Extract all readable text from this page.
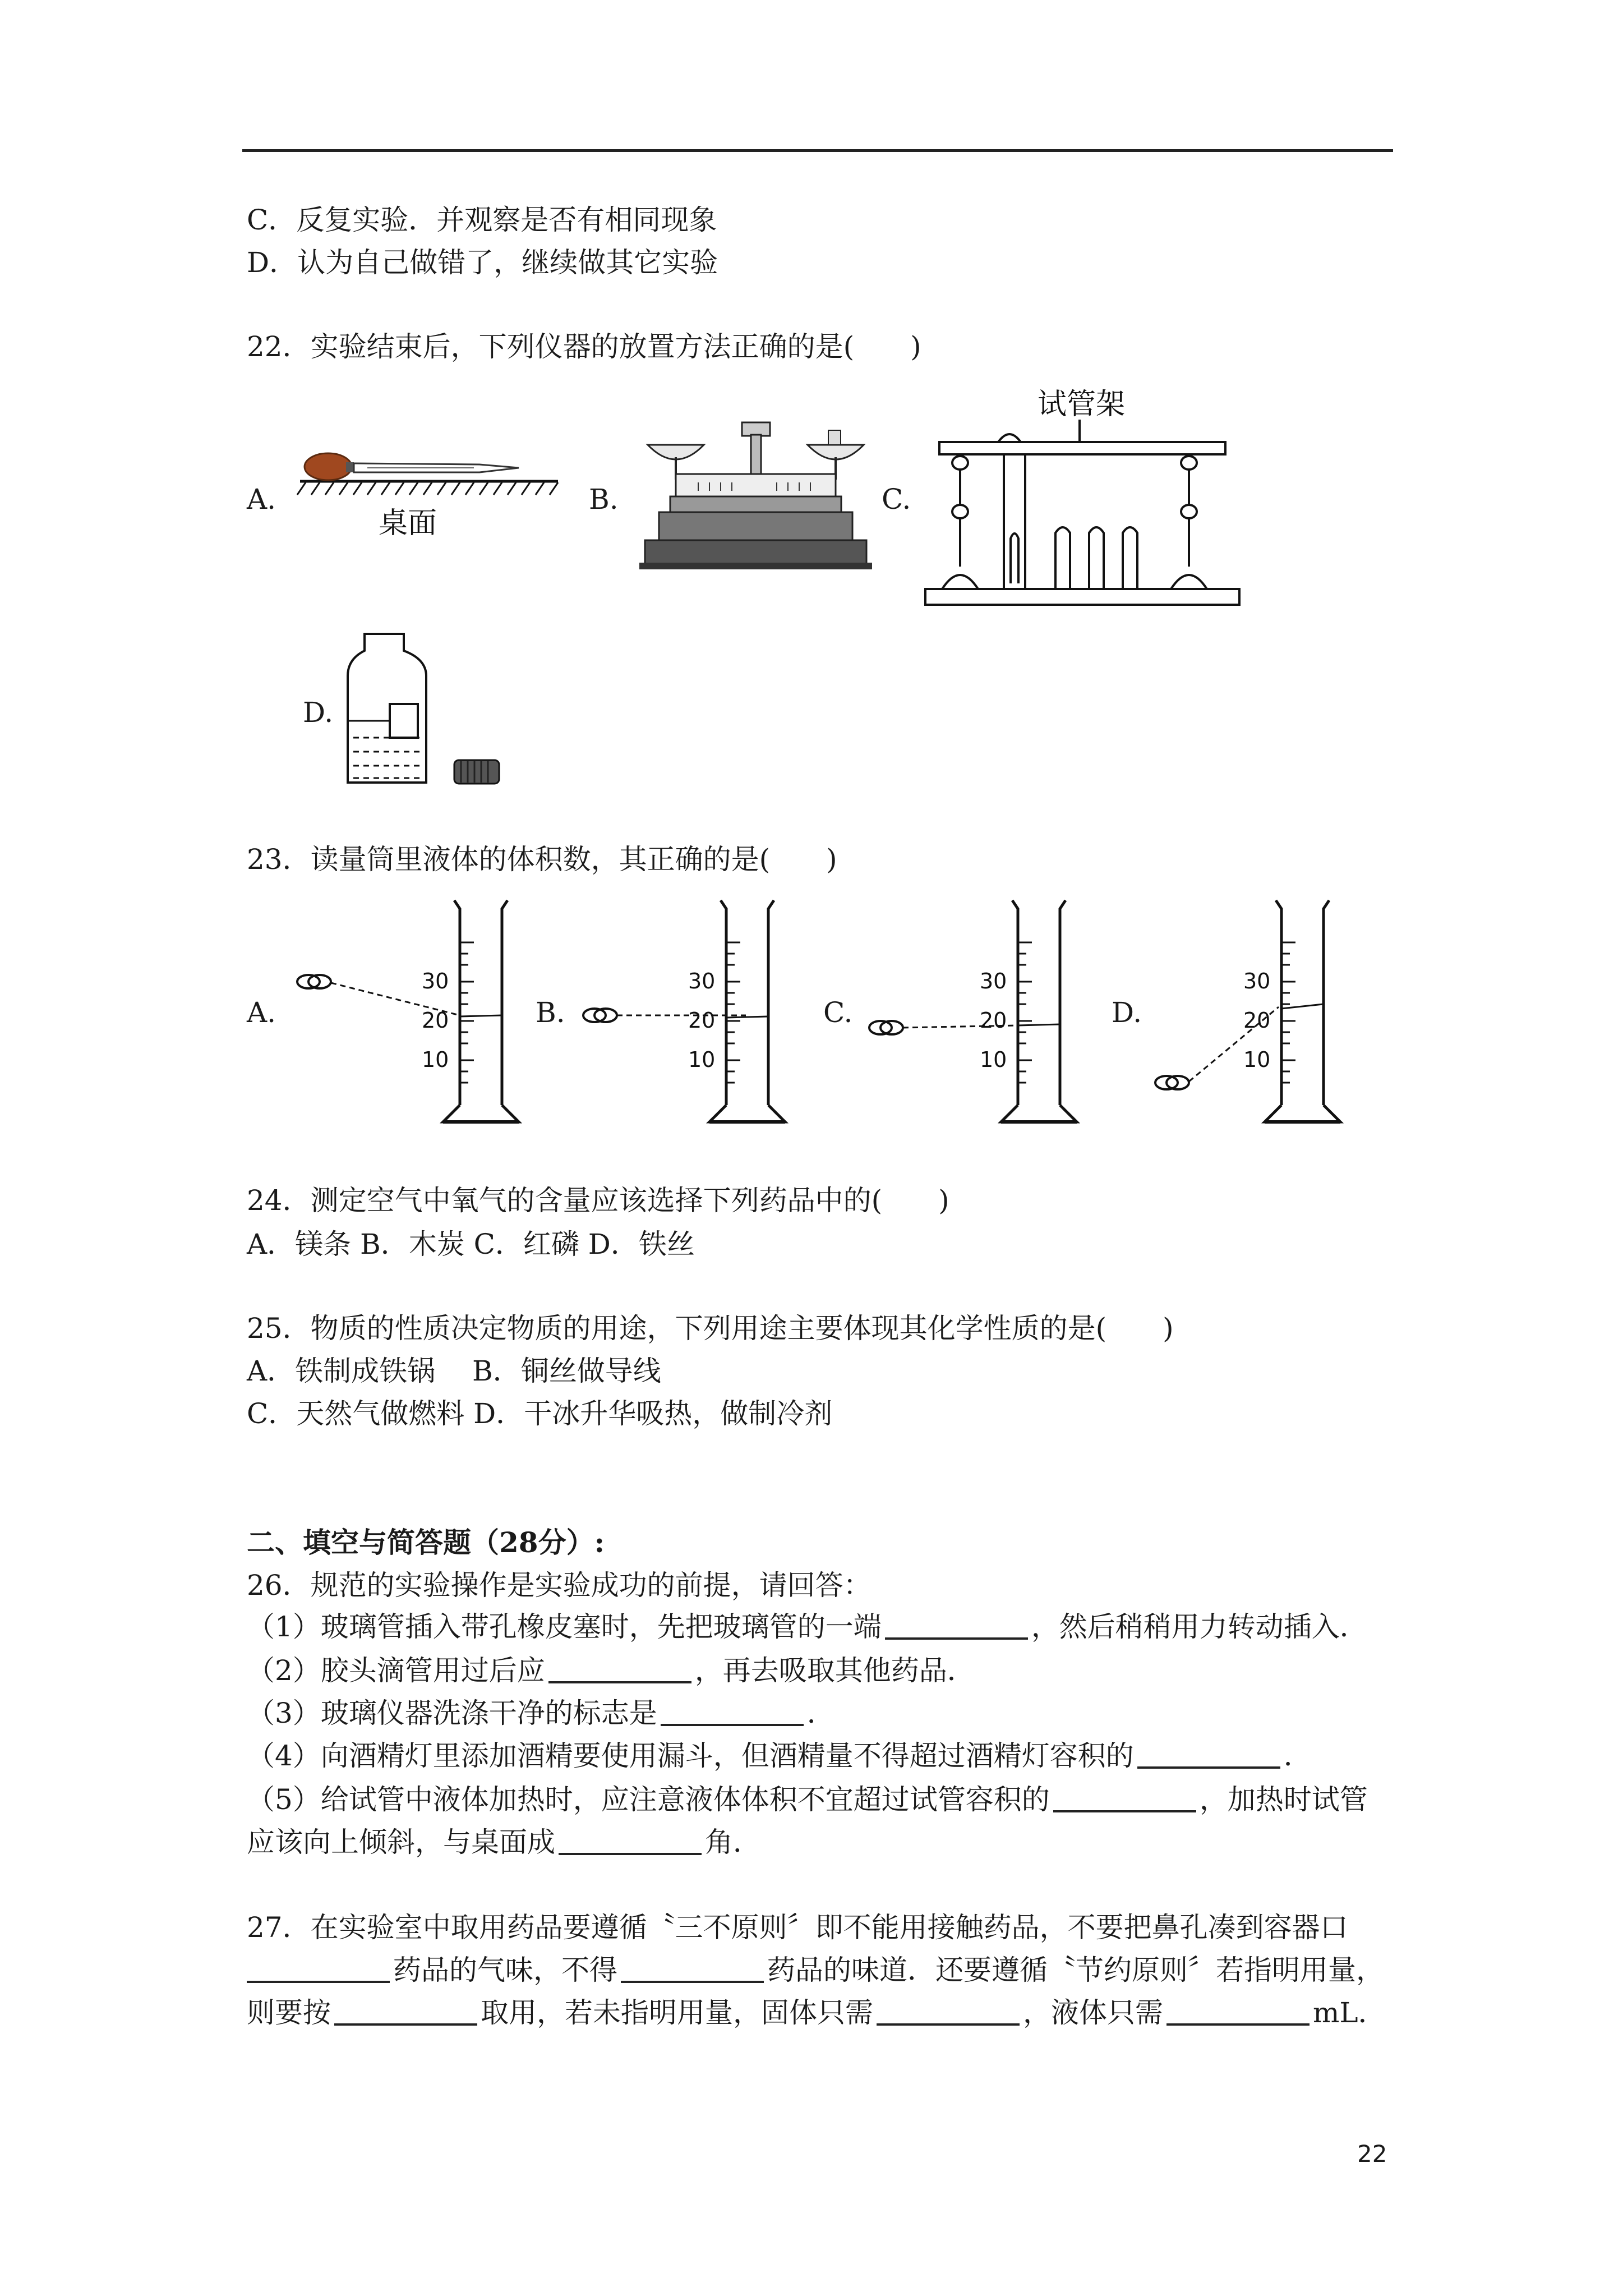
C．反复实验．并观察是否有相同现象
D．认为自己做错了，继续做其它实验
22．实验结束后，下列仪器的放置方法正确的是(　　)
A.
桌面
B.	C.
试管架
D.
23．读量筒里液体的体积数，其正确的是(　　)
A.	B.	C.	D.
30
20
10
30
20
10
30
20
10
30
20
10
24．测定空气中氧气的含量应该选择下列药品中的(　　)
A．镁条 B．木炭 C．红磷 D．铁丝
25．物质的性质决定物质的用途，下列用途主要体现其化学性质的是(　　)
A．铁制成铁锅　 B．铜丝做导线
C．天然气做燃料 D．干冰升华吸热，做制冷剂
二、填空与简答题（28分）:
26．规范的实验操作是实验成功的前提，请回答：
（1）玻璃管插入带孔橡皮塞时，先把玻璃管的一端	，然后稍稍用力转动插入．
（2）胶头滴管用过后应	，再去吸取其他药品．
（3）玻璃仪器洗涤干净的标志是	．
（4）向酒精灯里添加酒精要使用漏斗，但酒精量不得超过酒精灯容积的	．
（5）给试管中液体加热时，应注意液体体积不宜超过试管容积的	，加热时试管
应该向上倾斜，与桌面成	角．
27．在实验室中取用药品要遵循〝三不原则〞即不能用接触药品，不要把鼻孔凑到容器口
药品的气味，不得	药品的味道．还要遵循〝节约原则〞若指明用量，
则要按	取用，若未指明用量，固体只需	，液体只需	mL．
22
